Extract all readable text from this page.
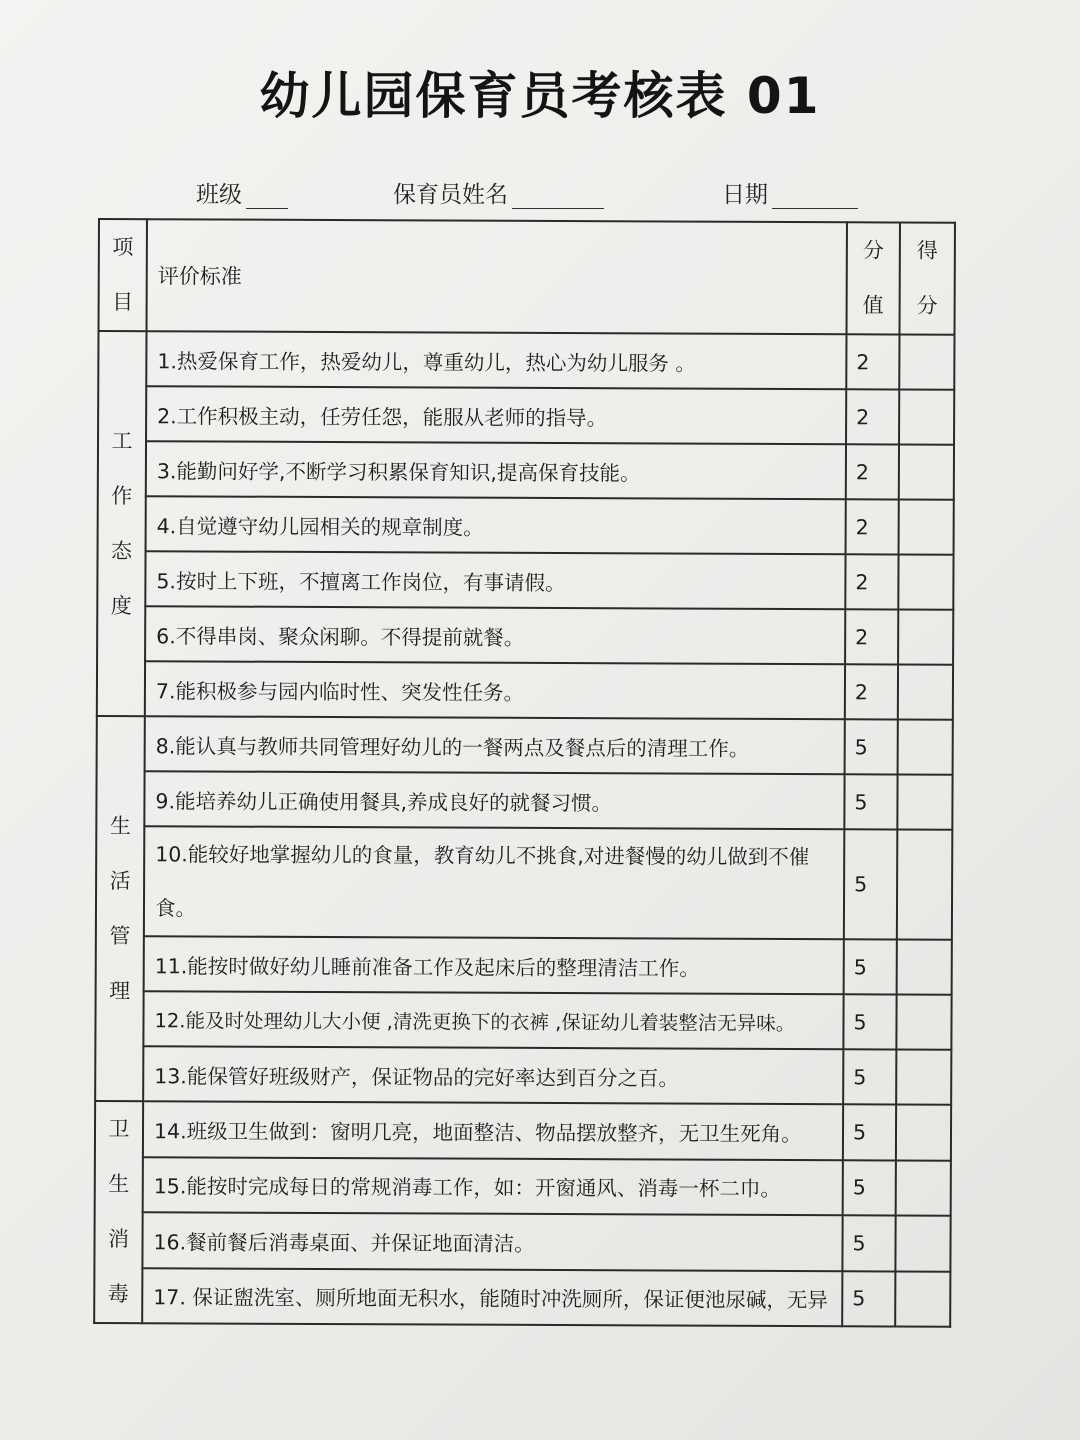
幼儿园保育员考核表 01
班级	保育员姓名	日期
项目	评价标准	分值	得分
工作态度	1.热爱保育工作，热爱幼儿，尊重幼儿，热心为幼儿服务 。	2	
	2.工作积极主动，任劳任怨，能服从老师的指导。	2	
	3.能勤问好学,不断学习积累保育知识,提高保育技能。	2	
	4.自觉遵守幼儿园相关的规章制度。	2	
	5.按时上下班，不擅离工作岗位，有事请假。	2	
	6.不得串岗、聚众闲聊。不得提前就餐。	2	
	7.能积极参与园内临时性、突发性任务。	2	
生活管理	8.能认真与教师共同管理好幼儿的一餐两点及餐点后的清理工作。	5	
	9.能培养幼儿正确使用餐具,养成良好的就餐习惯。	5	
	10.能较好地掌握幼儿的食量，教育幼儿不挑食,对进餐慢的幼儿做到不催食。	5	
	11.能按时做好幼儿睡前准备工作及起床后的整理清洁工作。	5	
	12.能及时处理幼儿大小便 ,清洗更换下的衣裤 ,保证幼儿着装整洁无异味。	5	
	13.能保管好班级财产，保证物品的完好率达到百分之百。	5	
卫生消毒	14.班级卫生做到：窗明几亮，地面整洁、物品摆放整齐，无卫生死角。	5	
	15.能按时完成每日的常规消毒工作，如：开窗通风、消毒一杯二巾。	5	
	16.餐前餐后消毒桌面、并保证地面清洁。	5	
	17. 保证盥洗室、厕所地面无积水，能随时冲洗厕所，保证便池尿碱，无异	5	
